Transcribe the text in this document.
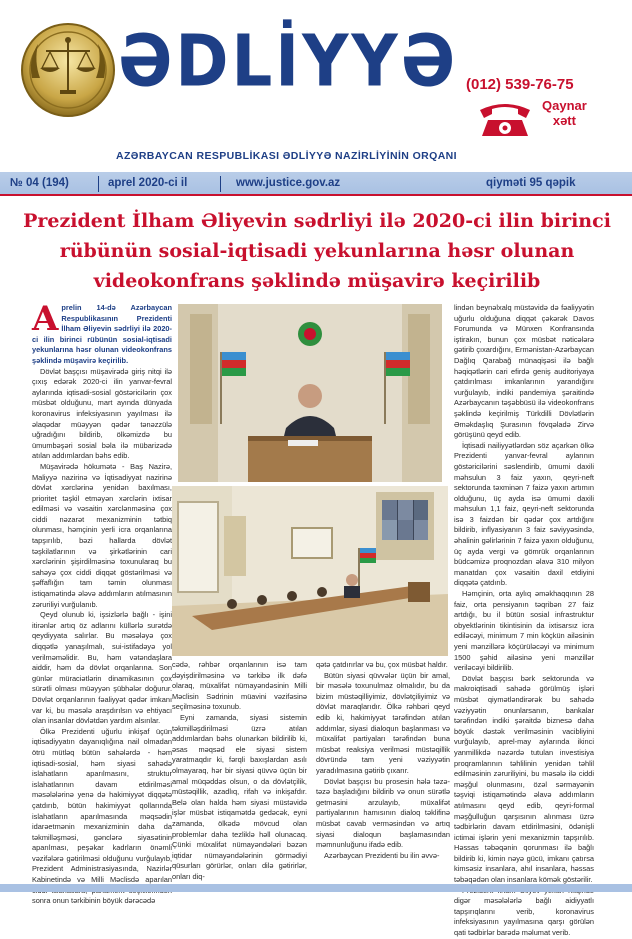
ƏDLİYYƏ (012) 539-76-75
Qaynar
xətt
AZƏRBAYCAN RESPUBLİKASI ƏDLİYYƏ NAZİRLİYİNİN ORQANI
№ 04 (194)	aprel 2020-ci il	www.justice.gov.az	qiyməti 95 qəpik
Prezident İlham Əliyevin sədrliyi ilə 2020-ci ilin birinci rübünün sosial-iqtisadi yekunlarına həsr olunan videokonfrans şəklində müşavirə keçirilib

Aprelin 14-də Azərbaycan Respublikasının Prezidenti İlham Əliyevin sədrliyi ilə 2020-ci ilin birinci rübünün sosial-iqtisadi yekunlarına həsr olunan videokonfrans şəklində müşavirə keçirilib.

Dövlət başçısı müşavirədə giriş nitqi ilə çıxış edərək 2020-ci ilin yanvar-fevral aylarında iqtisadi-sosial göstəricilərin çox müsbət olduğunu, mart ayında dünyada koronavirus infeksiyasının yayılması ilə əlaqədar müəyyən qədər tənəzzülə uğradığını bildirib, ölkəmizdə bu ümumbəşəri sosial bəla ilə mübarizədə atılan addımlardan bəhs edib.

Müşavirədə hökumətə - Baş Nazirə, Maliyyə nazirinə və İqtisadiyyat nazirinə dövlət xərclərinə yenidən baxılması, prioritet təşkil etməyən xərclərin ixtisar edilməsi və vəsaitin xərclənməsinə çox ciddi nəzarət mexanizminin tətbiq olunması, həmçinin yerli icra orqanlarına tapşırılıb, bəzi hallarda dövlət təşkilatlarının və şirkətlərinin cari xərclərinin şişirdilməsinə toxunularaq bu sahəyə çox ciddi diqqət göstərilməsi və şəffaflığın tam təmin olunması istiqamətində ələvə addımların atılmasının zəruriliyi vurğulanıb.

Qeyd olunub ki, işsizlərlə bağlı - işini itirənlər artıq öz adlarını küllərlə surətdə qeydiyyata salırlar. Bu məsələyə çox diqqətlə yanaşılmalı, sui-istifadəyə yol verilməməlidir. Bu, həm vətəndaşlara aiddir, həm də dövlət orqanlarına. Son günlər müraciətlərin dinamikasının çox sürətli olması müəyyən şübhələr doğurur. Dövlət orqanlarının fəaliyyət qədər imkanı var ki, bu məsələ araşdırılsın və ehtiyacı olan insanlar dövlətdən yardım alsınlar.

Ölkə Prezidenti uğurlu inkişaf üçün iqtisadiyyatın dayanıqlığına nail olmadan ötrü mütləq bütün sahələrdə - həm iqtisadi-sosial, həm siyasi sahədə islahatların aparılmasını, struktur islahatlarının davam etdirilməsi məsələlərinə yenə də hakimiyyət diqqətə çatdırıb, bütün hakimiyyət qollarında islahatların aparılmasında məqsədin idarəetmənin mexanizminin daha da təkmilləşməsi, gənclərə siyasətinin aparılması, peşəkar kadrların önəmli vəzifələrə gətirilməsi olduğunu vurğulayıb, Prezident Administrasiyasında, Nazirlər Kabinetində və Milli Məclisdə aparılan sonra onun tərkibinin böyük dərəcədə

cədə, rəhbər orqanlarının isə tam dəyişdirilməsinə və tərkibə ilk dəfə olaraq, müxalifət nümayəndəsinin Milli Məclisin Sədrinin müavini vəzifəsinə seçilməsinə toxunub.

Eyni zamanda, siyasi sistemin təkmilləşdirilməsi üzrə atılan addımlardan bəhs olunarkən bildirilib ki, əsas məqsəd ele siyasi sistem yaratmaqdır ki, fərqli baxışlardan asılı olmayaraq, hər bir siyasi qüvvə üçün bir amal müqəddəs olsun, o da dövlətçilik, müstəqillik, azadlıq, rifah və inkişafdır. Belə olan halda həm siyasi müstəvidə işlər müsbət istiqamətdə gedəcək, eyni zamanda, ölkədə mövcud olan problemlər daha tezliklə həll olunacaq. Çünki müxalifət nümayəndələri bəzən iqtidar nümayəndələrinin görmədiyi qüsurları görürlər, onları dilə gətirirlər, onları diq-

qətə çatdırırlar və bu, çox müsbət haldır.

Bütün siyasi qüvvələr üçün bir amal, bir məsələ toxunulmaz olmalıdır, bu da bizim müstəqilliyimiz, dövlətçiliyimiz və dövlət maraqlarıdır. Ölkə rəhbəri qeyd edib ki, hakimiyyət tərəfindən atılan addımlar, siyasi dialoqun başlanması və müxalifət partiyaları tərəfindən buna müsbət reaksiya verilməsi müstəqillik dövründə tam yeni vəziyyətin yaradılmasına gətirib çıxarır.

Dövlət başçısı bu prosesin hələ təzə-təzə başladığını bildirib və onun sürətlə getməsini arzulayıb, müxalifət partiyalarının hamısının dialoq təklifinə müsbət cavab verməsindən və artıq siyasi dialoqun başlamasından məmnunluğunu ifadə edib.

Azərbaycan Prezidenti bu ilin əvvə-

lindən beynəlxalq müstəvidə də fəaliyyətin uğurlu olduğuna diqqət çəkərək Davos Forumunda və Münxen Konfransında iştirakın, bunun çox müsbət nəticələrə gətirib çıxardığını, Ermənistan-Azərbaycan Dağlıq Qarabağ münaqişəsi ilə bağlı həqiqətlərin cari efirdə geniş auditoriyaya çatdırılması imkanlarının yarandığını vurğulayıb, indiki pandemiya şəraitində Azərbaycanın təşəbbüsü ilə videokonfrans şəklində keçirilmiş Türkdilli Dövlətlərin Əməkdaşlıq Şurasının fövqəladə Zirvə görüşünü qeyd edib.

İqtisadi nailiyyətlərdən söz açarkən ölkə Prezidenti yanvar-fevral aylarının göstəricilərini səslendirib, ümumi daxili məhsulun 3 faiz yaxın, qeyri-neft sektorunda təxminən 7 faizə yaxın artımın olduğunu, üç ayda isə ümumi daxili məhsulun 1,1 faiz, qeyri-neft sektorunda isə 3 faizdən bir qədər çox artdığını bildirib, inflyasiyanın 3 faiz səviyyəsində, əhalinin gəlirlərinin 7 faizə yaxın olduğunu, üç ayda vergi və gömrük orqanlarının büdcəmizə proqnozdan əlavə 310 milyon manatdan çox vəsaitin daxil etdiyini diqqətə çatdırıb.

Həmçinin, orta aylıq əməkhaqqının 28 faiz, orta pensiyanın təqribən 27 faiz artdığı, bu il bütün sosial infrastruktur obyektlərinin tikintisinin da ixtisarsız icra ediləcəyi, minimum 7 min köçkün ailəsinin yeni mənzillərə köçürüləcəyi və minimum 1500 şəhid ailəsinə yeni mənzillər veriləcəyi bildirilib.

Dövlət başçısı bərk sektorunda və makroiqtisadi sahədə görülmüş işləri müsbət qiymətləndirərək bu sahədə vəziyyətin onunlarsanın, bankalar tərəfindən indiki şəraitdə biznesə daha böyük dəstək verilməsinin vacibliyini vurğulayıb, aprel-may aylarında ikinci yanmillikdə nəzərdə tutulan investisiya proqramlarının təhlilinin yenidən təhlil edilməsinin zəruriliyini, bu məsələ ilə ciddi məşğul olunmasını, özəl sərmayənin təşviqi istiqamətində əlavə addımların atılmasını qeyd edib, qeyri-formal məşğulluğun qarşısının alınması üzrə tədbirlərin davam etdirilməsini, ödənişli ictimai işlərin yeni mexanizmin tapşırılıb. Həssas təbəqənin qorunması ilə bağlı bildirib ki, kimin nəyə gücü, imkanı çatırsa kimsəsiz insanlara, ahıl insanlara, həssas təbəqədən olan insanlara kömək göstərilir.

digər məsələlərlə bağlı aidiyyatlı tapşırıqlarını verib, koronavirus infeksiyasının yayılmasına qarşı görülən qati tədbirlər barədə məlumat verib.
